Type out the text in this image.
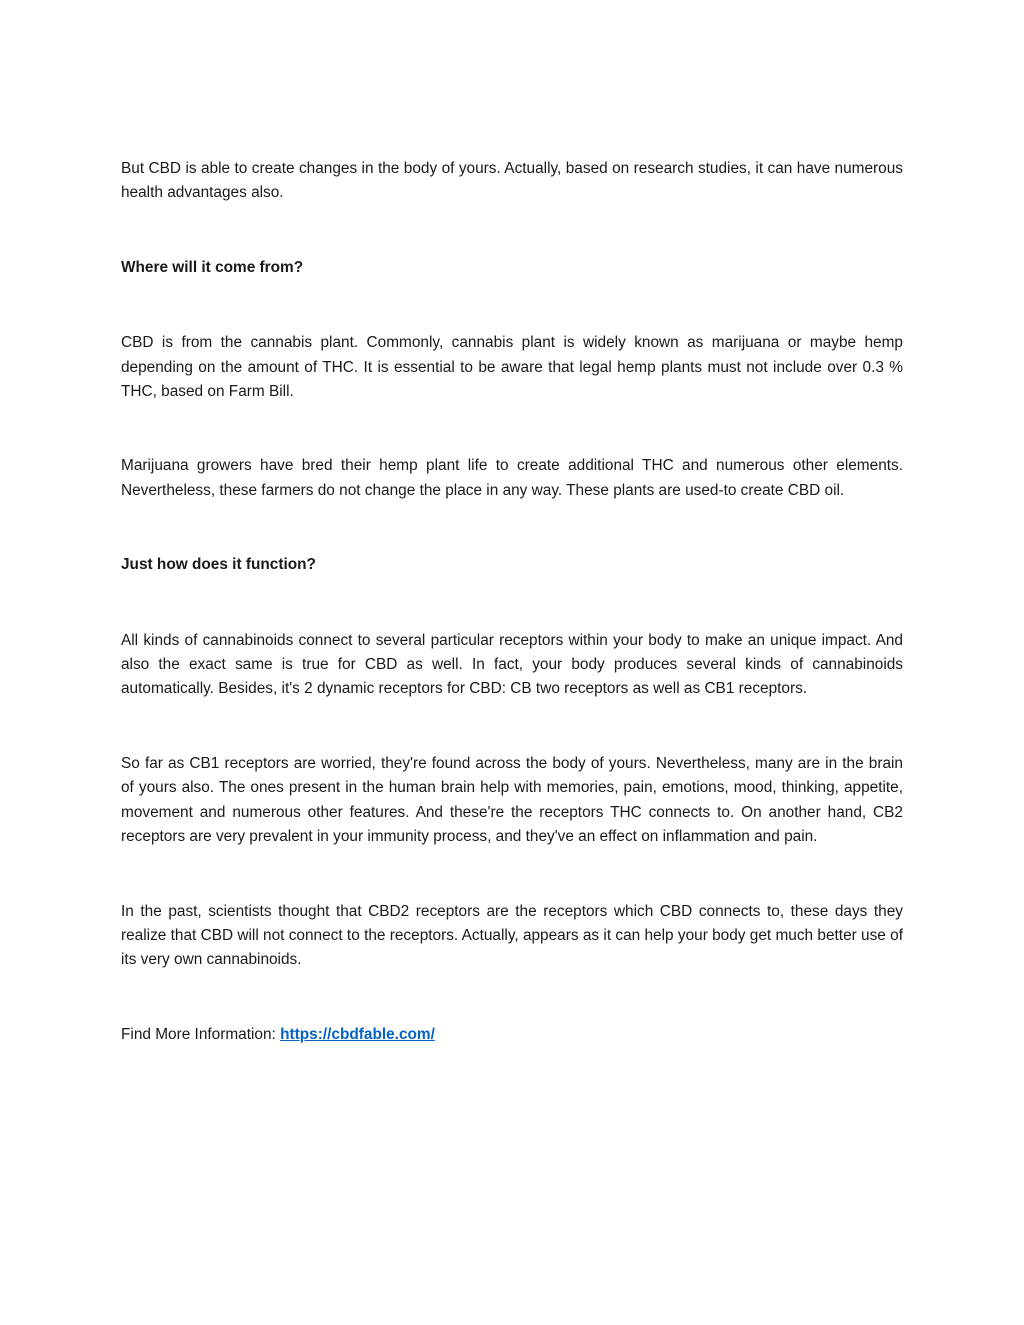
But CBD is able to create changes in the body of yours. Actually, based on research studies, it can have numerous health advantages also.

Where will it come from?

CBD is from the cannabis plant. Commonly, cannabis plant is widely known as marijuana or maybe hemp depending on the amount of THC. It is essential to be aware that legal hemp plants must not include over 0.3 % THC, based on Farm Bill.

Marijuana growers have bred their hemp plant life to create additional THC and numerous other elements. Nevertheless, these farmers do not change the place in any way. These plants are used-to create CBD oil.

Just how does it function?

All kinds of cannabinoids connect to several particular receptors within your body to make an unique impact. And also the exact same is true for CBD as well. In fact, your body produces several kinds of cannabinoids automatically. Besides, it's 2 dynamic receptors for CBD: CB two receptors as well as CB1 receptors.

So far as CB1 receptors are worried, they're found across the body of yours. Nevertheless, many are in the brain of yours also. The ones present in the human brain help with memories, pain, emotions, mood, thinking, appetite, movement and numerous other features. And these're the receptors THC connects to. On another hand, CB2 receptors are very prevalent in your immunity process, and they've an effect on inflammation and pain.

In the past, scientists thought that CBD2 receptors are the receptors which CBD connects to, these days they realize that CBD will not connect to the receptors. Actually, appears as it can help your body get much better use of its very own cannabinoids.

Find More Information: https://cbdfable.com/
